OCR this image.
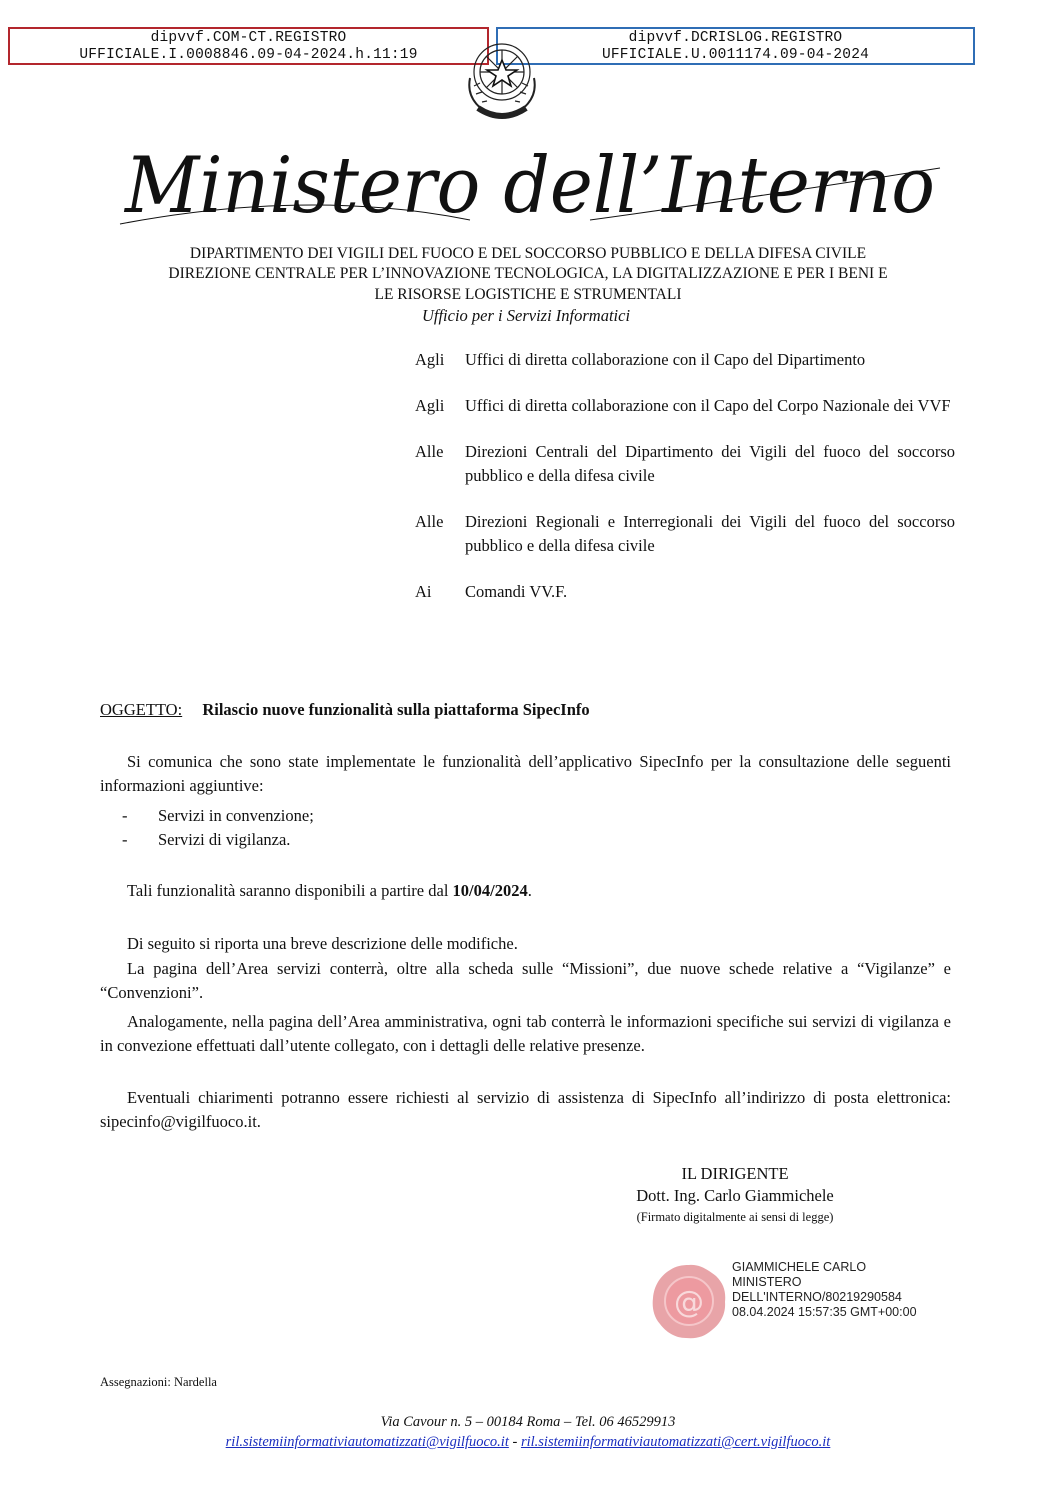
dipvvf.COM-CT.REGISTRO
UFFICIALE.I.0008846.09-04-2024.h.11:19
dipvvf.DCRISLOG.REGISTRO
UFFICIALE.U.0011174.09-04-2024
Ministero dell’Interno
DIPARTIMENTO DEI VIGILI DEL FUOCO E DEL SOCCORSO PUBBLICO E DELLA DIFESA CIVILE
DIREZIONE CENTRALE PER L’INNOVAZIONE TECNOLOGICA, LA DIGITALIZZAZIONE E PER I BENI E
LE RISORSE LOGISTICHE E STRUMENTALI
Ufficio per i Servizi Informatici
Agli	Uffici di diretta collaborazione con il Capo del Dipartimento
Agli	Uffici di diretta collaborazione con il Capo del Corpo Nazionale dei VVF
Alle	Direzioni Centrali del Dipartimento dei Vigili del fuoco del soccorso pubblico e della difesa civile
Alle	Direzioni Regionali e Interregionali dei Vigili del fuoco del soccorso pubblico e della difesa civile
Ai	Comandi VV.F.
OGGETTO: Rilascio nuove funzionalità sulla piattaforma SipecInfo
Si comunica che sono state implementate le funzionalità dell’applicativo SipecInfo per la consultazione delle seguenti informazioni aggiuntive:
-	Servizi in convenzione;
-	Servizi di vigilanza.
Tali funzionalità saranno disponibili a partire dal 10/04/2024.
Di seguito si riporta una breve descrizione delle modifiche.
La pagina dell’Area servizi conterrà, oltre alla scheda sulle “Missioni”, due nuove schede relative a “Vigilanze” e “Convenzioni”.
Analogamente, nella pagina dell’Area amministrativa, ogni tab conterrà le informazioni specifiche sui servizi di vigilanza e in convezione effettuati dall’utente collegato, con i dettagli delle relative presenze.
Eventuali chiarimenti potranno essere richiesti al servizio di assistenza di SipecInfo all’indirizzo di posta elettronica: sipecinfo@vigilfuoco.it.
IL DIRIGENTE
Dott. Ing. Carlo Giammichele
(Firmato digitalmente ai sensi di legge)
@
GIAMMICHELE CARLO
MINISTERO
DELL'INTERNO/80219290584
08.04.2024 15:57:35 GMT+00:00
Assegnazioni: Nardella
Via Cavour n. 5 – 00184 Roma – Tel. 06 46529913
ril.sistemiinformativiautomatizzati@vigilfuoco.it - ril.sistemiinformativiautomatizzati@cert.vigilfuoco.it
